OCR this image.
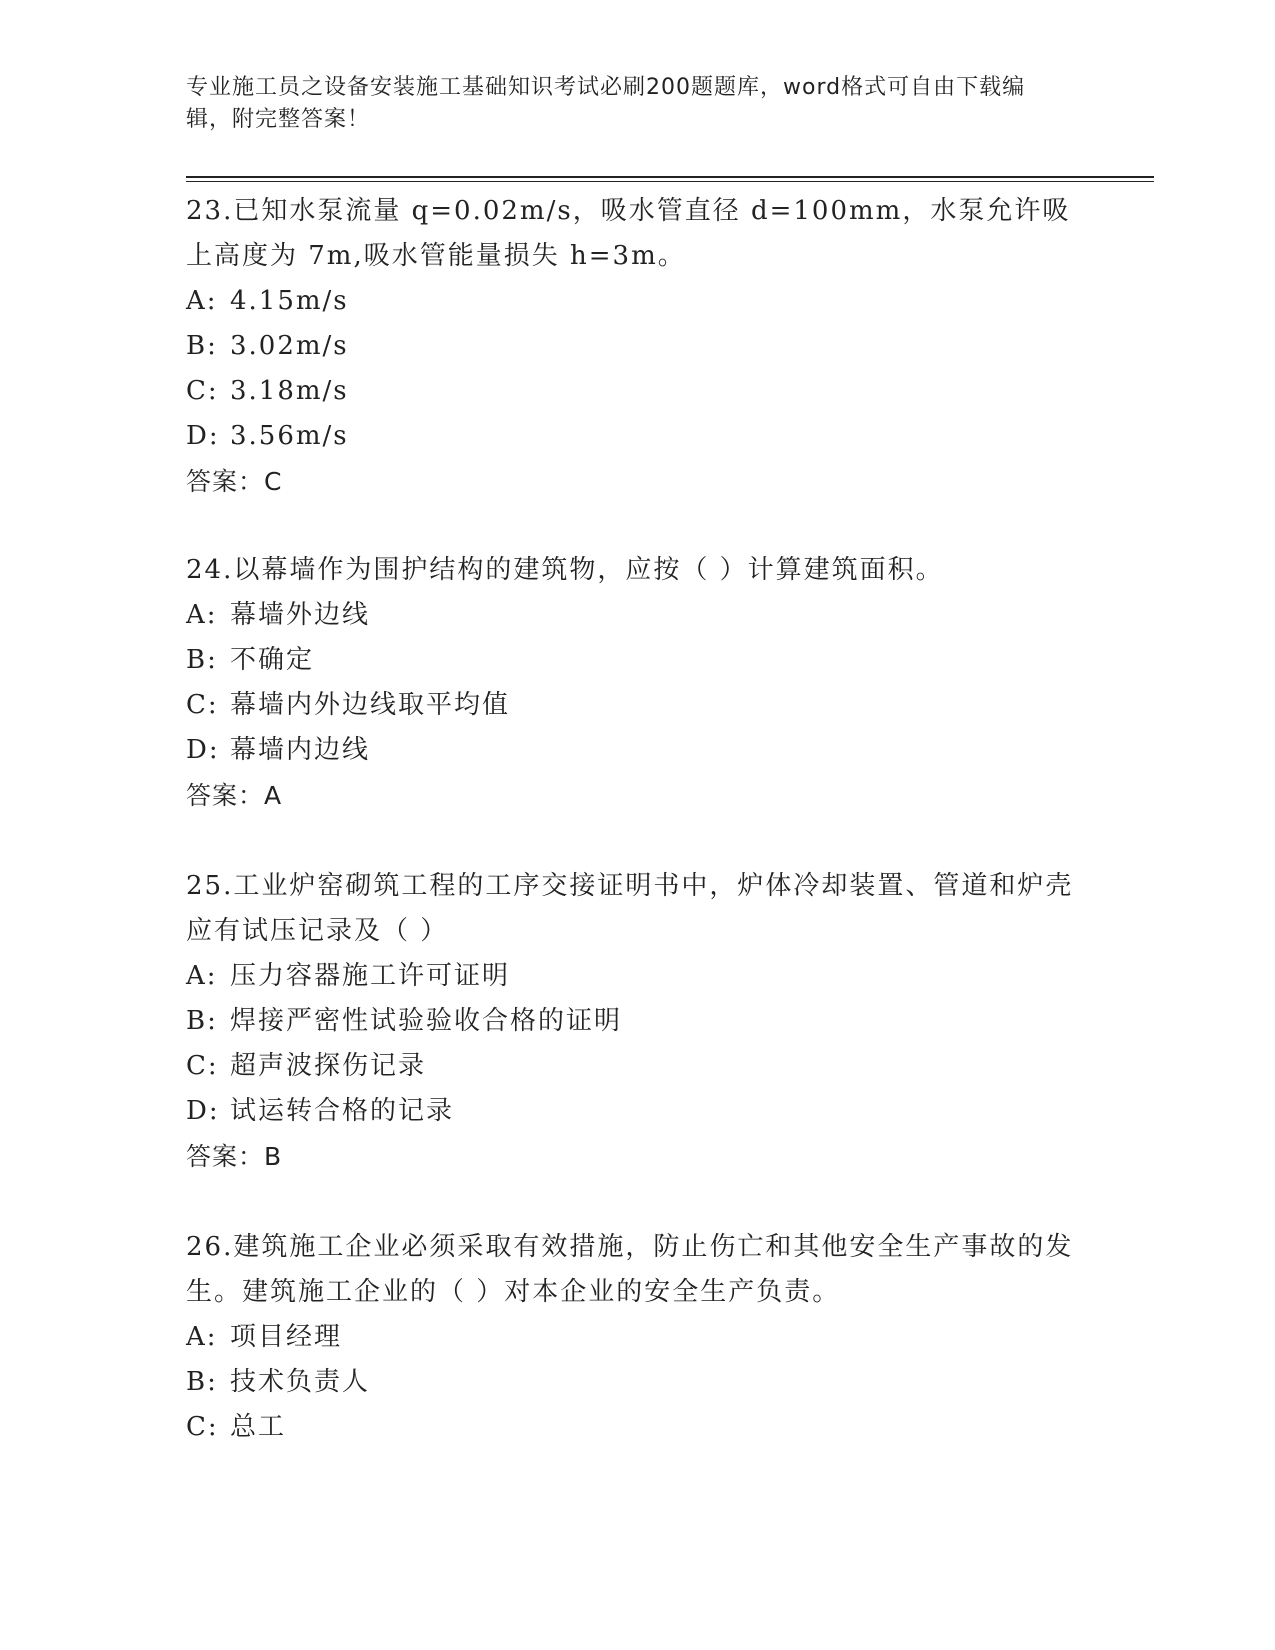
专业施工员之设备安装施工基础知识考试必刷200题题库，word格式可自由下载编辑，附完整答案！

23.已知水泵流量 q=0.02m/s，吸水管直径 d=100mm，水泵允许吸上高度为 7m,吸水管能量损失 h=3m。

A: 4.15m/s

B: 3.02m/s

C: 3.18m/s

D: 3.56m/s

答案：C

24.以幕墙作为围护结构的建筑物，应按（ ）计算建筑面积。

A: 幕墙外边线

B: 不确定

C: 幕墙内外边线取平均值

D: 幕墙内边线

答案：A

25.工业炉窑砌筑工程的工序交接证明书中，炉体冷却装置、管道和炉壳应有试压记录及（ ）

A: 压力容器施工许可证明

B: 焊接严密性试验验收合格的证明

C: 超声波探伤记录

D: 试运转合格的记录

答案：B

26.建筑施工企业必须采取有效措施，防止伤亡和其他安全生产事故的发生。建筑施工企业的（ ）对本企业的安全生产负责。

A: 项目经理

B: 技术负责人

C: 总工
